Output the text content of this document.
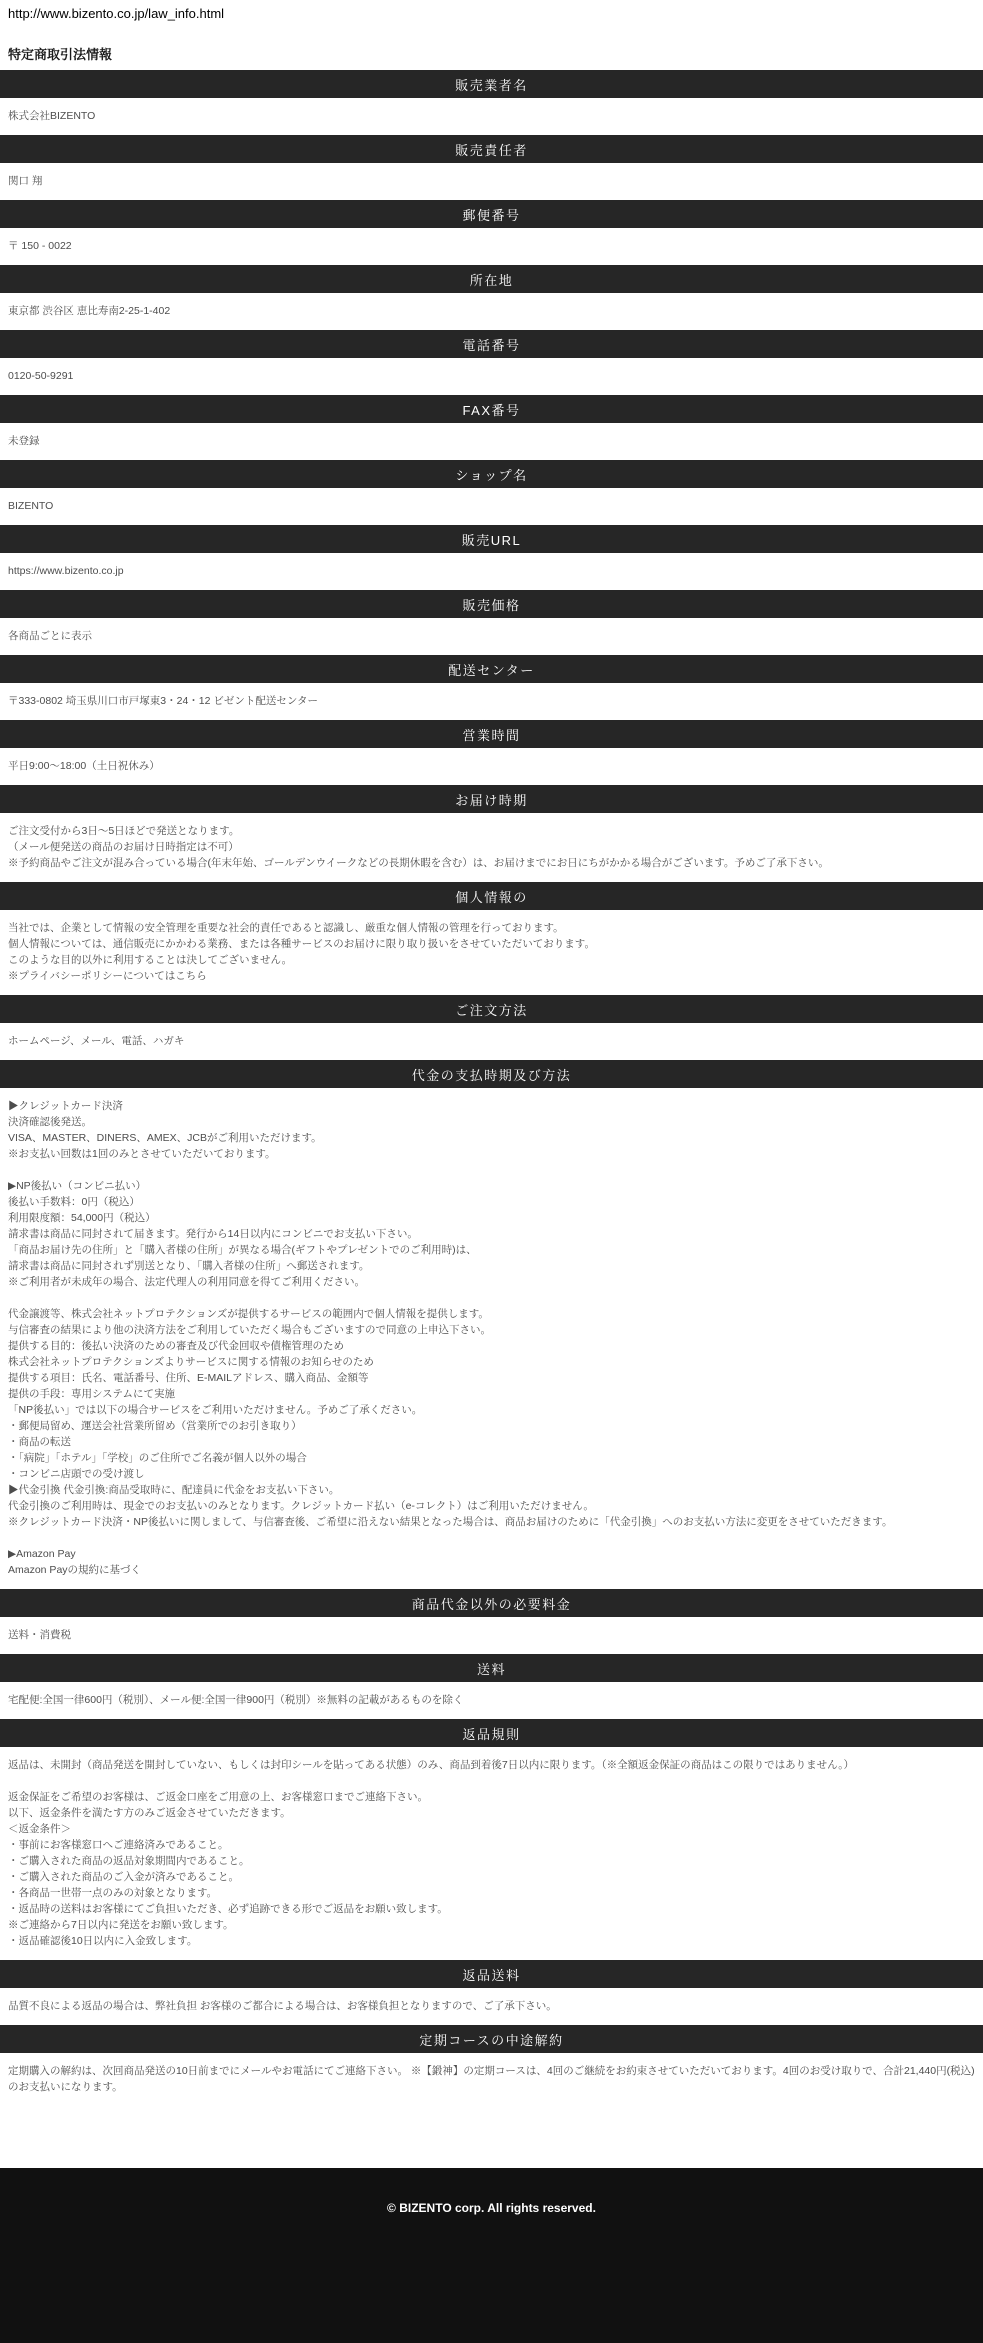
http://www.bizento.co.jp/law_info.html
特定商取引法情報
販売業者名

株式会社BIZENTO

販売責任者

関口 翔

郵便番号

〒 150 - 0022

所在地

東京都 渋谷区 恵比寿南2-25-1-402

電話番号

0120-50-9291

FAX番号

未登録

ショップ名

BIZENTO

販売URL

https://www.bizento.co.jp

販売価格

各商品ごとに表示

配送センター

〒333-0802 埼玉県川口市戸塚東3・24・12 ビゼント配送センター

営業時間

平日9:00～18:00（土日祝休み）

お届け時期

ご注文受付から3日～5日ほどで発送となります。

（メール便発送の商品のお届け日時指定は不可）

※予約商品やご注文が混み合っている場合(年末年始、ゴールデンウイークなどの長期休暇を含む）は、お届けまでにお日にちがかかる場合がございます。予めご了承下さい。

個人情報の

当社では、企業として情報の安全管理を重要な社会的責任であると認識し、厳重な個人情報の管理を行っております。

個人情報については、通信販売にかかわる業務、または各種サービスのお届けに限り取り扱いをさせていただいております。

このような目的以外に利用することは決してございません。

※プライバシーポリシーについてはこちら

ご注文方法

ホームページ、メール、電話、ハガキ

代金の支払時期及び方法

▶クレジットカード決済

決済確認後発送。

VISA、MASTER、DINERS、AMEX、JCBがご利用いただけます。

※お支払い回数は1回のみとさせていただいております。

▶NP後払い（コンビニ払い）

後払い手数料：0円（税込）

利用限度額：54,000円（税込）

請求書は商品に同封されて届きます。発行から14日以内にコンビニでお支払い下さい。

「商品お届け先の住所」と「購入者様の住所」が異なる場合(ギフトやプレゼントでのご利用時)は、

請求書は商品に同封されず別送となり、「購入者様の住所」へ郵送されます。

※ご利用者が未成年の場合、法定代理人の利用同意を得てご利用ください。

代金譲渡等、株式会社ネットプロテクションズが提供するサービスの範囲内で個人情報を提供します。

与信審査の結果により他の決済方法をご利用していただく場合もございますので同意の上申込下さい。

提供する目的：後払い決済のための審査及び代金回収や債権管理のため

株式会社ネットプロテクションズよりサービスに関する情報のお知らせのため

提供する項目：氏名、電話番号、住所、E-MAILアドレス、購入商品、金額等

提供の手段：専用システムにて実施

「NP後払い」では以下の場合サービスをご利用いただけません。予めご了承ください。

・郵便局留め、運送会社営業所留め（営業所でのお引き取り）

・商品の転送

・「病院」「ホテル」「学校」のご住所でご名義が個人以外の場合

・コンビニ店頭での受け渡し

▶代金引換 代金引換:商品受取時に、配達員に代金をお支払い下さい。

代金引換のご利用時は、現金でのお支払いのみとなります。クレジットカード払い（e-コレクト）はご利用いただけません。

※クレジットカード決済・NP後払いに関しまして、与信審査後、ご希望に沿えない結果となった場合は、商品お届けのために「代金引換」へのお支払い方法に変更をさせていただきます。

▶Amazon Pay

Amazon Payの規約に基づく

商品代金以外の必要料金

送料・消費税

送料

宅配便:全国一律600円（税別）、メール便:全国一律900円（税別）※無料の記載があるものを除く

返品規則

返品は、未開封（商品発送を開封していない、もしくは封印シールを貼ってある状態）のみ、商品到着後7日以内に限ります。（※全額返金保証の商品はこの限りではありません。）

返金保証をご希望のお客様は、ご返金口座をご用意の上、お客様窓口までご連絡下さい。

以下、返金条件を満たす方のみご返金させていただきます。

＜返金条件＞

・事前にお客様窓口へご連絡済みであること。

・ご購入された商品の返品対象期間内であること。

・ご購入された商品のご入金が済みであること。

・各商品一世帯一点のみの対象となります。

・返品時の送料はお客様にてご負担いただき、必ず追跡できる形でご返品をお願い致します。

※ご連絡から7日以内に発送をお願い致します。

・返品確認後10日以内に入金致します。

返品送料

品質不良による返品の場合は、弊社負担 お客様のご都合による場合は、お客様負担となりますので、ご了承下さい。

定期コースの中途解約

定期購入の解約は、次回商品発送の10日前までにメールやお電話にてご連絡下さい。 ※【鍛神】の定期コースは、4回のご継続をお約束させていただいております。4回のお受け取りで、合計21,440円(税込)のお支払いになります。

© BIZENTO corp. All rights reserved.
